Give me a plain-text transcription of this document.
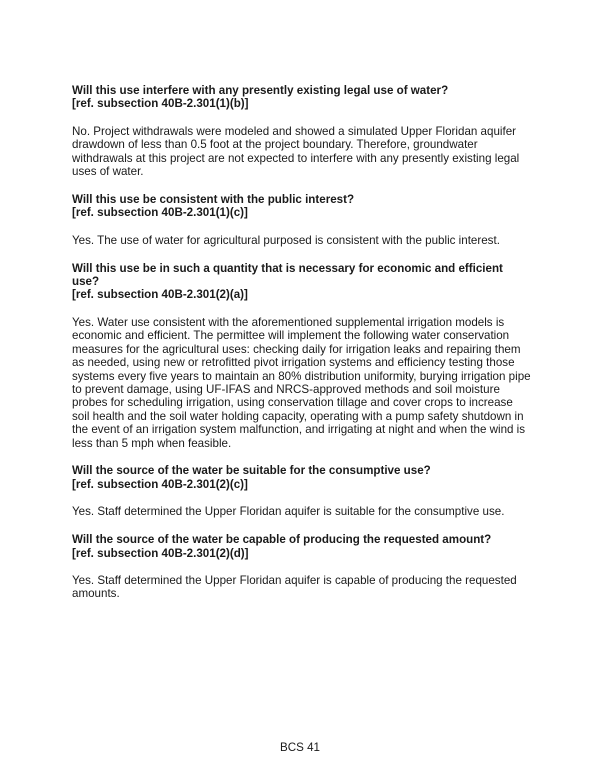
Will this use interfere with any presently existing legal use of water?
[ref. subsection 40B-2.301(1)(b)]

No. Project withdrawals were modeled and showed a simulated Upper Floridan aquifer drawdown of less than 0.5 foot at the project boundary. Therefore, groundwater withdrawals at this project are not expected to interfere with any presently existing legal uses of water.

Will this use be consistent with the public interest?
[ref. subsection 40B-2.301(1)(c)]

Yes. The use of water for agricultural purposed is consistent with the public interest.

Will this use be in such a quantity that is necessary for economic and efficient use?
[ref. subsection 40B-2.301(2)(a)]

Yes. Water use consistent with the aforementioned supplemental irrigation models is economic and efficient. The permittee will implement the following water conservation measures for the agricultural uses: checking daily for irrigation leaks and repairing them as needed, using new or retrofitted pivot irrigation systems and efficiency testing those systems every five years to maintain an 80% distribution uniformity, burying irrigation pipe to prevent damage, using UF-IFAS and NRCS-approved methods and soil moisture probes for scheduling irrigation, using conservation tillage and cover crops to increase soil health and the soil water holding capacity, operating with a pump safety shutdown in the event of an irrigation system malfunction, and irrigating at night and when the wind is less than 5 mph when feasible.

Will the source of the water be suitable for the consumptive use?
[ref. subsection 40B-2.301(2)(c)]

Yes. Staff determined the Upper Floridan aquifer is suitable for the consumptive use.

Will the source of the water be capable of producing the requested amount?
[ref. subsection 40B-2.301(2)(d)]

Yes. Staff determined the Upper Floridan aquifer is capable of producing the requested amounts.

BCS 41
